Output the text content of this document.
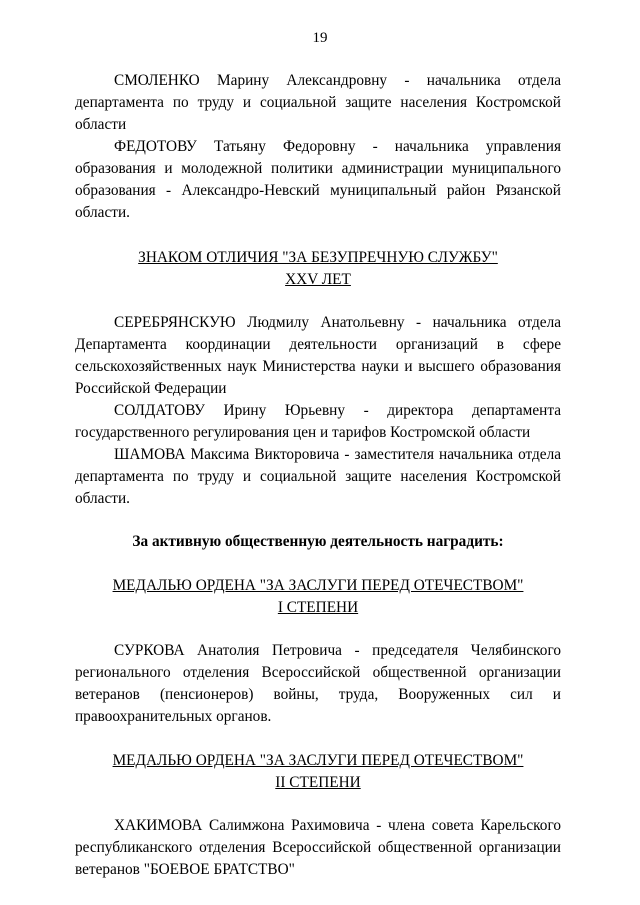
19

СМОЛЕНКО Марину Александровну - начальника отдела департамента по труду и социальной защите населения Костромской области

ФЕДОТОВУ Татьяну Федоровну - начальника управления образования и молодежной политики администрации муниципального образования - Александро-Невский муниципальный район Рязанской области.

ЗНАКОМ ОТЛИЧИЯ "ЗА БЕЗУПРЕЧНУЮ СЛУЖБУ"
XXV ЛЕТ

СЕРЕБРЯНСКУЮ Людмилу Анатольевну - начальника отдела Департамента координации деятельности организаций в сфере сельскохозяйственных наук Министерства науки и высшего образования Российской Федерации

СОЛДАТОВУ Ирину Юрьевну - директора департамента государственного регулирования цен и тарифов Костромской области

ШАМОВА Максима Викторовича - заместителя начальника отдела департамента по труду и социальной защите населения Костромской области.

За активную общественную деятельность наградить:

МЕДАЛЬЮ ОРДЕНА "ЗА ЗАСЛУГИ ПЕРЕД ОТЕЧЕСТВОМ"
I СТЕПЕНИ

СУРКОВА Анатолия Петровича - председателя Челябинского регионального отделения Всероссийской общественной организации ветеранов (пенсионеров) войны, труда, Вооруженных сил и правоохранительных органов.

МЕДАЛЬЮ ОРДЕНА "ЗА ЗАСЛУГИ ПЕРЕД ОТЕЧЕСТВОМ"
II СТЕПЕНИ

ХАКИМОВА Салимжона Рахимовича - члена совета Карельского республиканского отделения Всероссийской общественной организации ветеранов "БОЕВОЕ БРАТСТВО"
